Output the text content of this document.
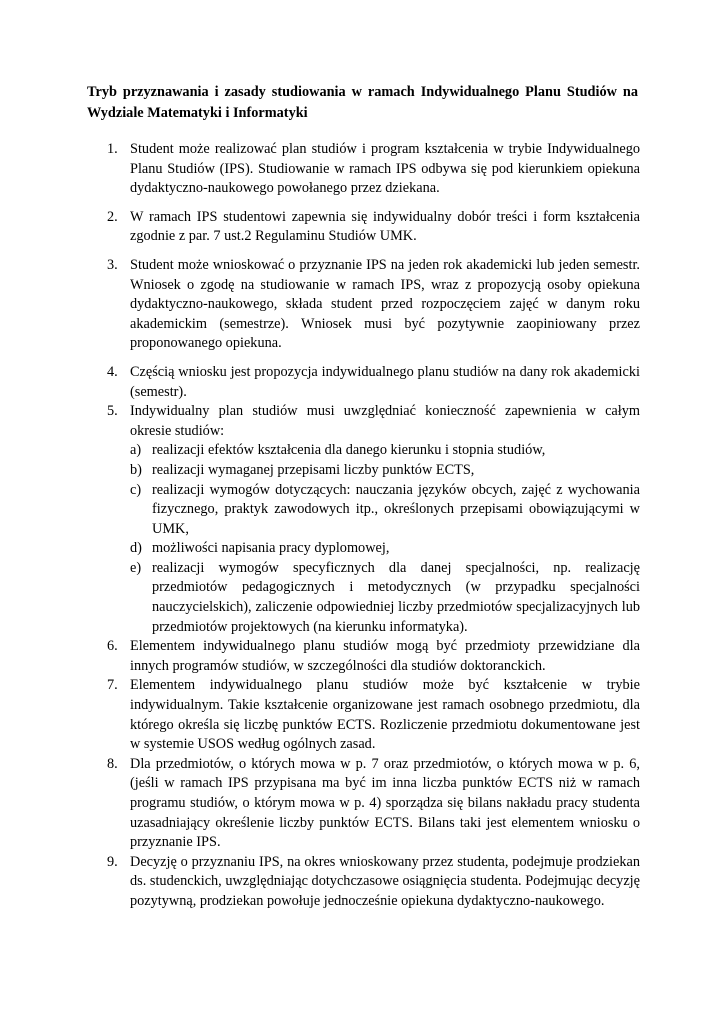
Tryb przyznawania i zasady studiowania w ramach Indywidualnego Planu Studiów na Wydziale Matematyki i Informatyki

1. Student może realizować plan studiów i program kształcenia w trybie Indywidualnego Planu Studiów (IPS). Studiowanie w ramach IPS odbywa się pod kierunkiem opiekuna dydaktyczno-naukowego powołanego przez dziekana.
2. W ramach IPS studentowi zapewnia się indywidualny dobór treści i form kształcenia zgodnie z par. 7 ust.2 Regulaminu Studiów UMK.
3. Student może wnioskować o przyznanie IPS na jeden rok akademicki lub jeden semestr. Wniosek o zgodę na studiowanie w ramach IPS, wraz z propozycją osoby opiekuna dydaktyczno-naukowego, składa student przed rozpoczęciem zajęć w danym roku akademickim (semestrze). Wniosek musi być pozytywnie zaopiniowany przez proponowanego opiekuna.
4. Częścią wniosku jest propozycja indywidualnego planu studiów na dany rok akademicki (semestr).
5. Indywidualny plan studiów musi uwzględniać konieczność zapewnienia w całym okresie studiów:
a) realizacji efektów kształcenia dla danego kierunku i stopnia studiów,
b) realizacji wymaganej przepisami liczby punktów ECTS,
c) realizacji wymogów dotyczących: nauczania języków obcych, zajęć z wychowania fizycznego, praktyk zawodowych itp., określonych przepisami obowiązującymi w UMK,
d) możliwości napisania pracy dyplomowej,
e) realizacji wymogów specyficznych dla danej specjalności, np. realizację przedmiotów pedagogicznych i metodycznych (w przypadku specjalności nauczycielskich), zaliczenie odpowiedniej liczby przedmiotów specjalizacyjnych lub przedmiotów projektowych (na kierunku informatyka).
6. Elementem indywidualnego planu studiów mogą być przedmioty przewidziane dla innych programów studiów, w szczególności dla studiów doktoranckich.
7. Elementem indywidualnego planu studiów może być kształcenie w trybie indywidualnym. Takie kształcenie organizowane jest ramach osobnego przedmiotu, dla którego określa się liczbę punktów ECTS. Rozliczenie przedmiotu dokumentowane jest w systemie USOS według ogólnych zasad.
8. Dla przedmiotów, o których mowa w p. 7 oraz przedmiotów, o których mowa w p. 6, (jeśli w ramach IPS przypisana ma być im inna liczba punktów ECTS niż w ramach programu studiów, o którym mowa w p. 4) sporządza się bilans nakładu pracy studenta uzasadniający określenie liczby punktów ECTS. Bilans taki jest elementem wniosku o przyznanie IPS.
9. Decyzję o przyznaniu IPS, na okres wnioskowany przez studenta, podejmuje prodziekan ds. studenckich, uwzględniając dotychczasowe osiągnięcia studenta. Podejmując decyzję pozytywną, prodziekan powołuje jednocześnie opiekuna dydaktyczno-naukowego.
